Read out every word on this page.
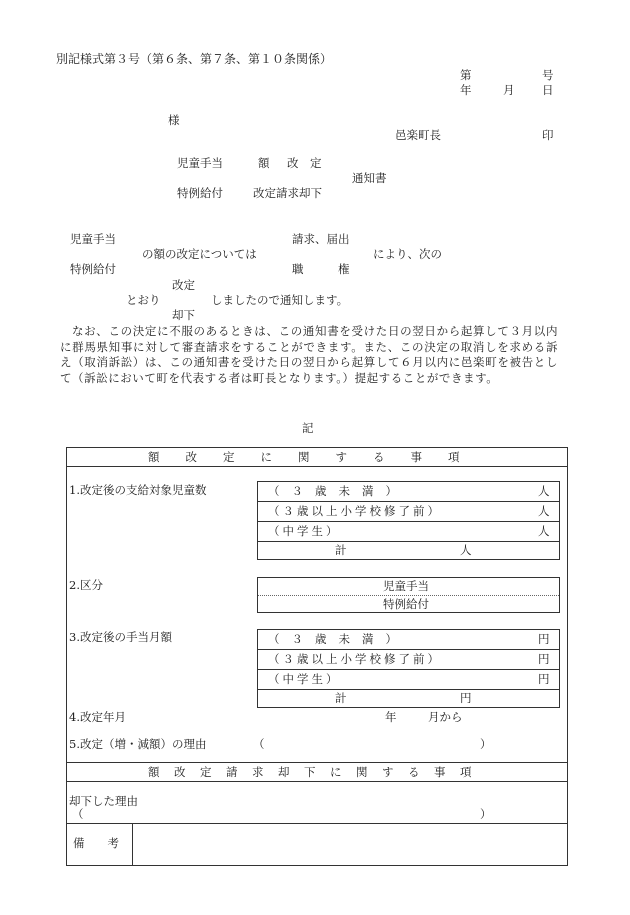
別記様式第３号（第６条、第７条、第１０条関係）
第	号
年	月 日
様
邑楽町長	印
児童手当	額 改　定
通知書
特例給付	改定請求却下
児童手当	請求、届出
の額の改定については	により、次の
特例給付	職　　　権
改定
とおり	しましたので通知します。
却下
なお、この決定に不服のあるときは、この通知書を受けた日の翌日から起算して３月以内に群馬県知事に対して審査請求をすることができます。また、この決定の取消しを求める訴え（取消訴訟）は、この通知書を受けた日の翌日から起算して６月以内に邑楽町を被告として（訴訟において町を代表する者は町長となります。）提起することができます。
記
額改定に関する事項
1.改定後の支給対象児童数	（３歳未満）	人
（３歳以上小学校修了前）	人
（中学生）	人
計	人
2.区分	児童手当
特例給付
3.改定後の手当月額	（３歳未満）	円
（３歳以上小学校修了前）	円
（中学生）	円
計	円
4.改定年月	年	月から
5.改定（増・減額）の理由	（	）
額改定請求却下に関する事項
却下した理由
（	）
備　　考
